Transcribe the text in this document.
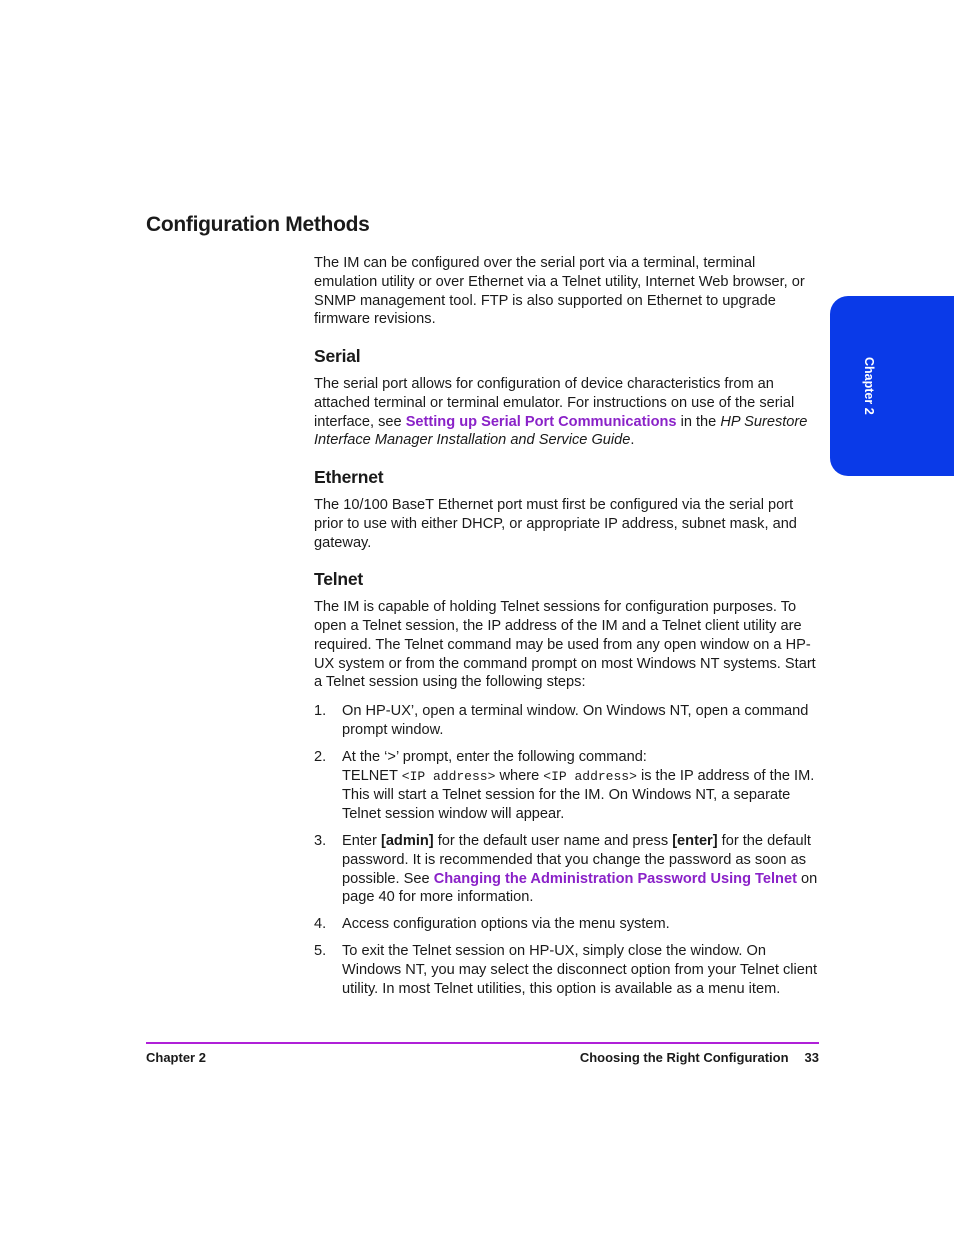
Configuration Methods

The IM can be configured over the serial port via a terminal, terminal emulation utility or over Ethernet via a Telnet utility, Internet Web browser, or SNMP management tool. FTP is also supported on Ethernet to upgrade firmware revisions.

Serial

The serial port allows for configuration of device characteristics from an attached terminal or terminal emulator. For instructions on use of the serial interface, see Setting up Serial Port Communications in the HP Surestore Interface Manager Installation and Service Guide.

Ethernet

The 10/100 BaseT Ethernet port must first be configured via the serial port prior to use with either DHCP, or appropriate IP address, subnet mask, and gateway.

Telnet

The IM is capable of holding Telnet sessions for configuration purposes. To open a Telnet session, the IP address of the IM and a Telnet client utility are required. The Telnet command may be used from any open window on a HP-UX system or from the command prompt on most Windows NT systems. Start a Telnet session using the following steps:

1.	On HP-UX’, open a terminal window. On Windows NT, open a command prompt window.
2.	At the ‘>’ prompt, enter the following command:
TELNET <IP address> where <IP address> is the IP address of the IM. This will start a Telnet session for the IM. On Windows NT, a separate Telnet session window will appear.
3.	Enter [admin] for the default user name and press [enter] for the default password. It is recommended that you change the password as soon as possible. See Changing the Administration Password Using Telnet on page 40 for more information.
4.	Access configuration options via the menu system.
5.	To exit the Telnet session on HP-UX, simply close the window. On Windows NT, you may select the disconnect option from your Telnet client utility. In most Telnet utilities, this option is available as a menu item.
Chapter 2
Chapter 2	Choosing the Right Configuration 33
